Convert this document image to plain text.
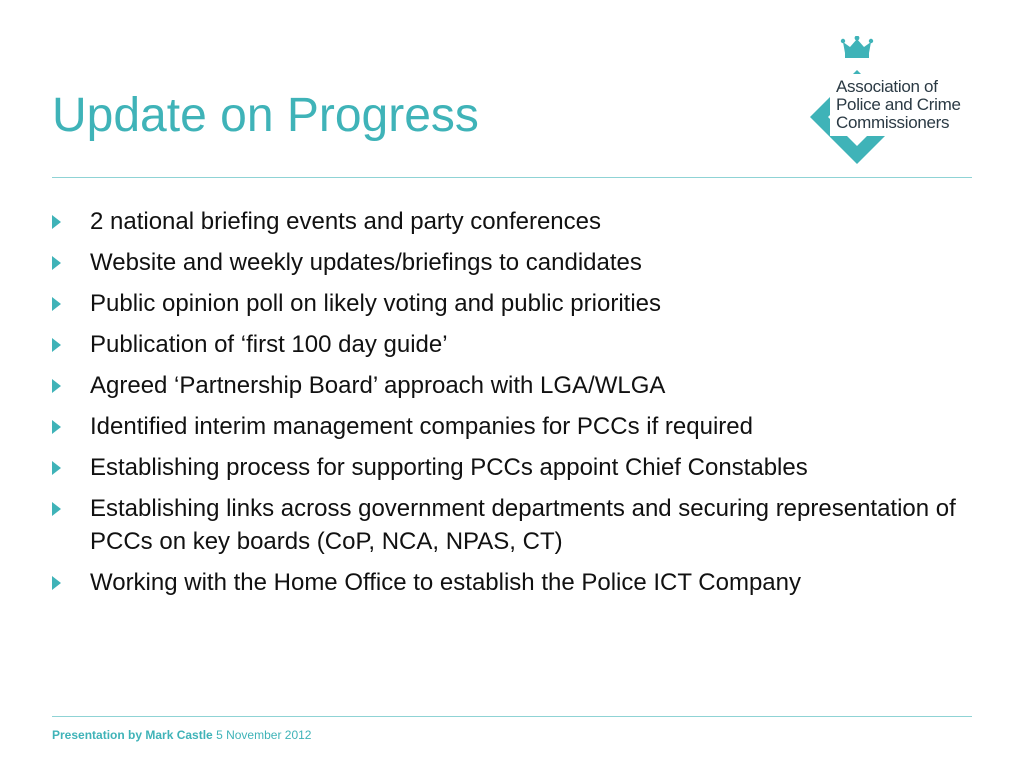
Update on Progress
Association of
Police and Crime
Commissioners
2 national briefing events and party conferences
Website and weekly updates/briefings to candidates
Public opinion poll on likely voting and public priorities
Publication of ‘first 100 day guide’
Agreed ‘Partnership Board’ approach with LGA/WLGA
Identified interim management companies for PCCs if required
Establishing process for supporting PCCs appoint Chief Constables
Establishing links across government departments and securing representation of PCCs on key boards (CoP, NCA, NPAS, CT)
Working with the Home Office to establish the Police ICT Company
Presentation by Mark Castle 5 November 2012
